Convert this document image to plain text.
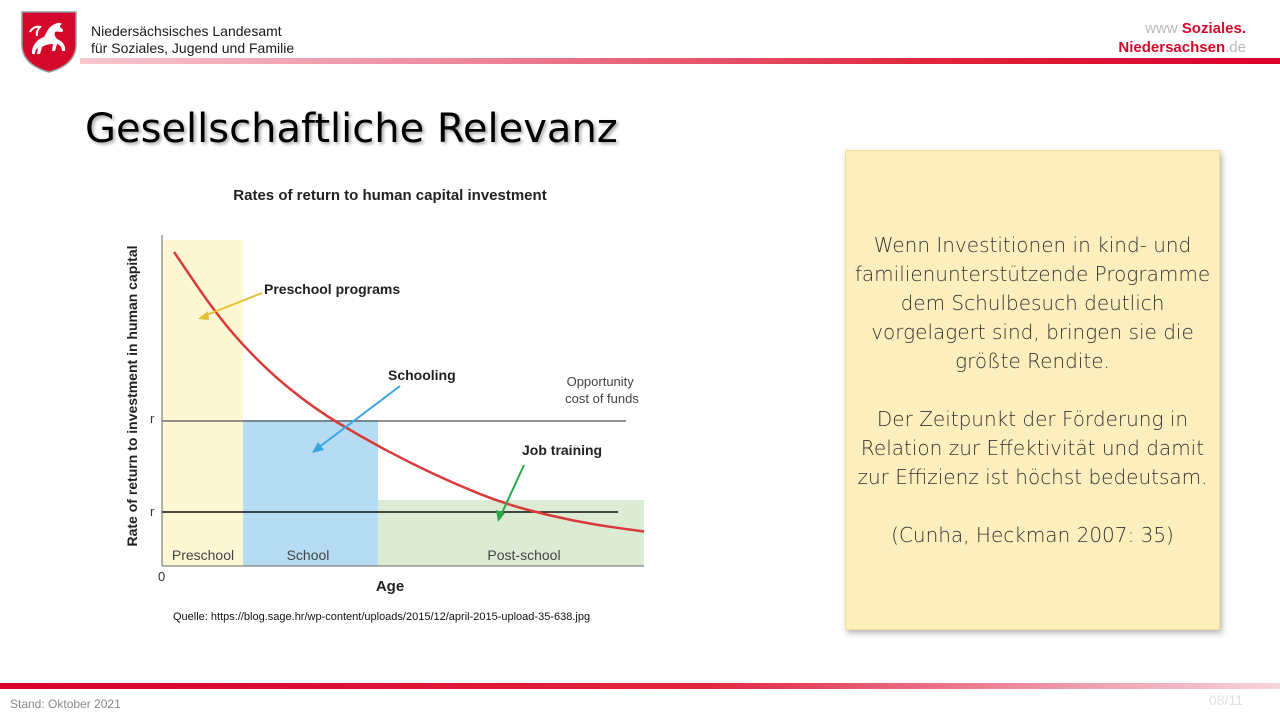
Niedersächsisches Landesamt
für Soziales, Jugend und Familie
www Soziales.
Niedersachsen.de
Gesellschaftliche Relevanz
Rates of return to human capital investment
r
r
Opportunity cost of funds
0
Age
Rate of return to investment in human capital
Preschool	School	Post-school
Preschool programs
Schooling
Job training
Quelle: https://blog.sage.hr/wp-content/uploads/2015/12/april-2015-upload-35-638.jpg

Wenn Investitionen in kind- und familienunterstützende Programme dem Schulbesuch deutlich vorgelagert sind, bringen sie die größte Rendite.

Der Zeitpunkt der Förderung in Relation zur Effektivität und damit zur Effizienz ist höchst bedeutsam.

(Cunha, Heckman 2007: 35)

Stand: Oktober 2021	08/11
